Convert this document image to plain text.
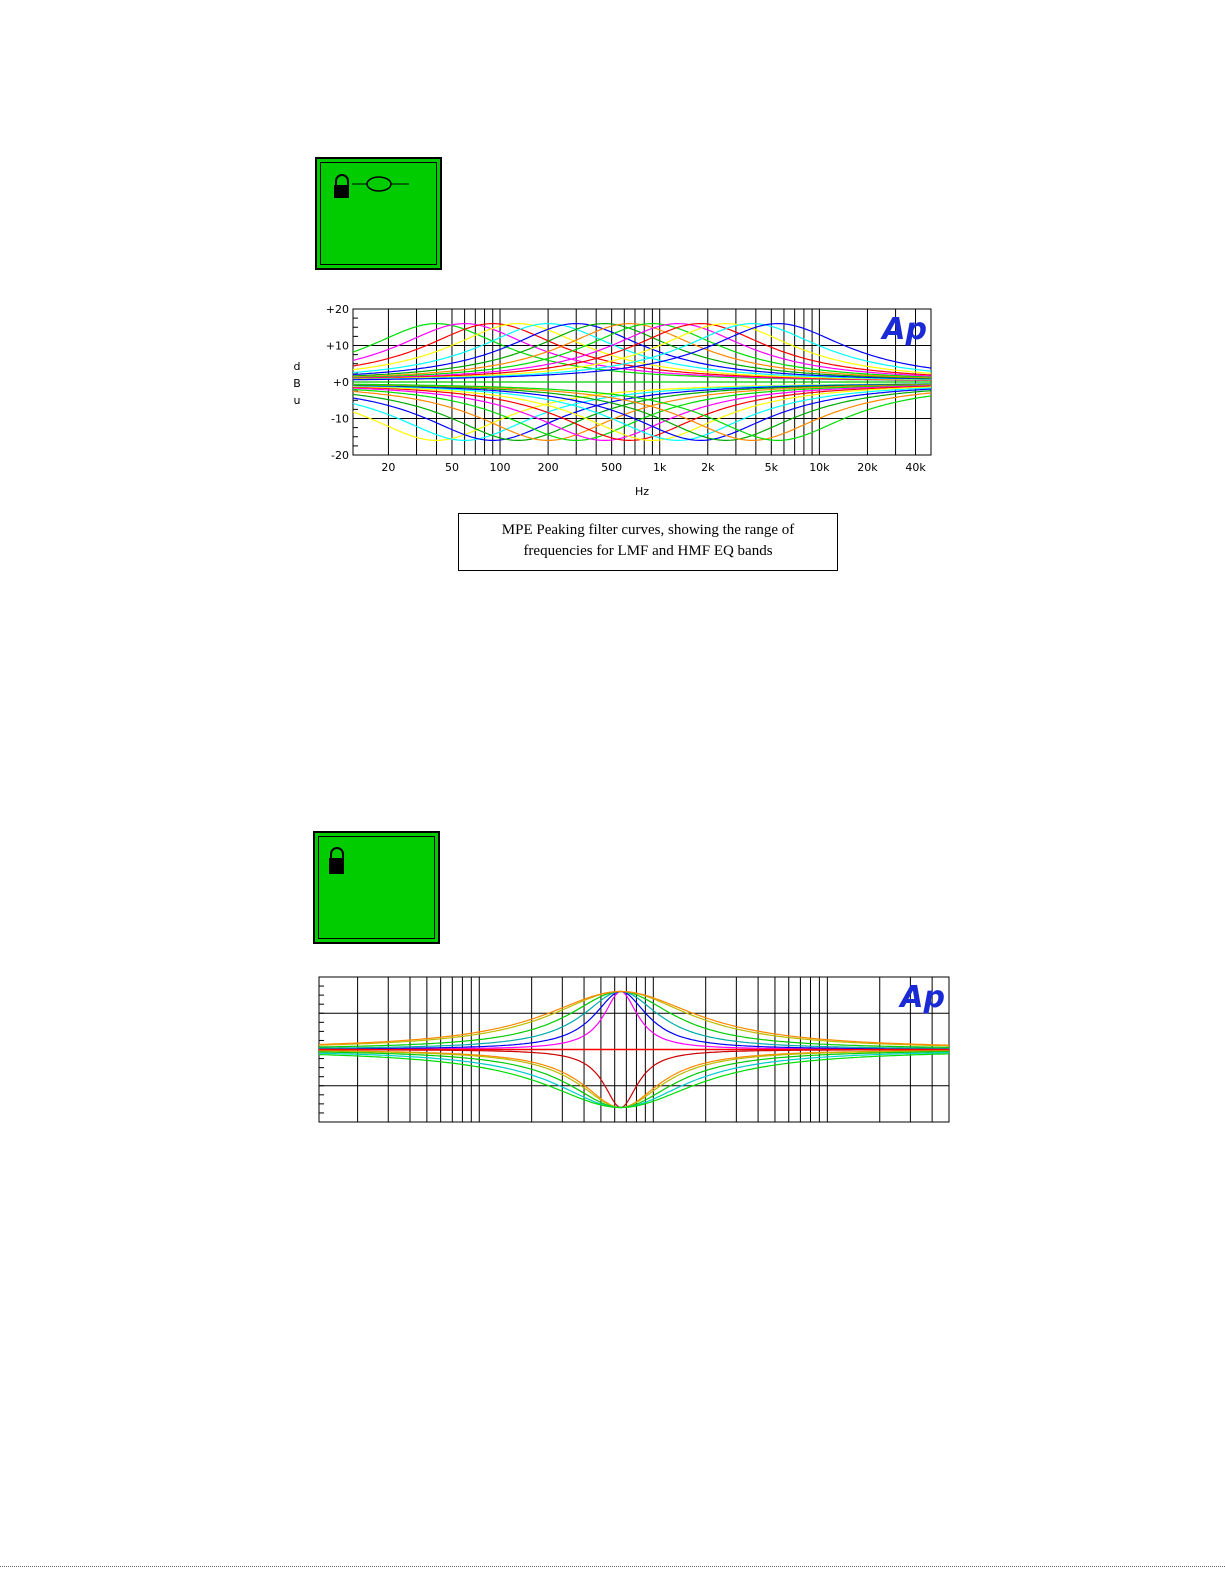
-20
-10
+0
+10
+20
20	50	100 200	500	1k	2k	5k	10k	20k	40k
Hz
d
B
u
Ap
MPE Peaking filter curves, showing the range of
frequencies for LMF and HMF EQ bands
Ap
